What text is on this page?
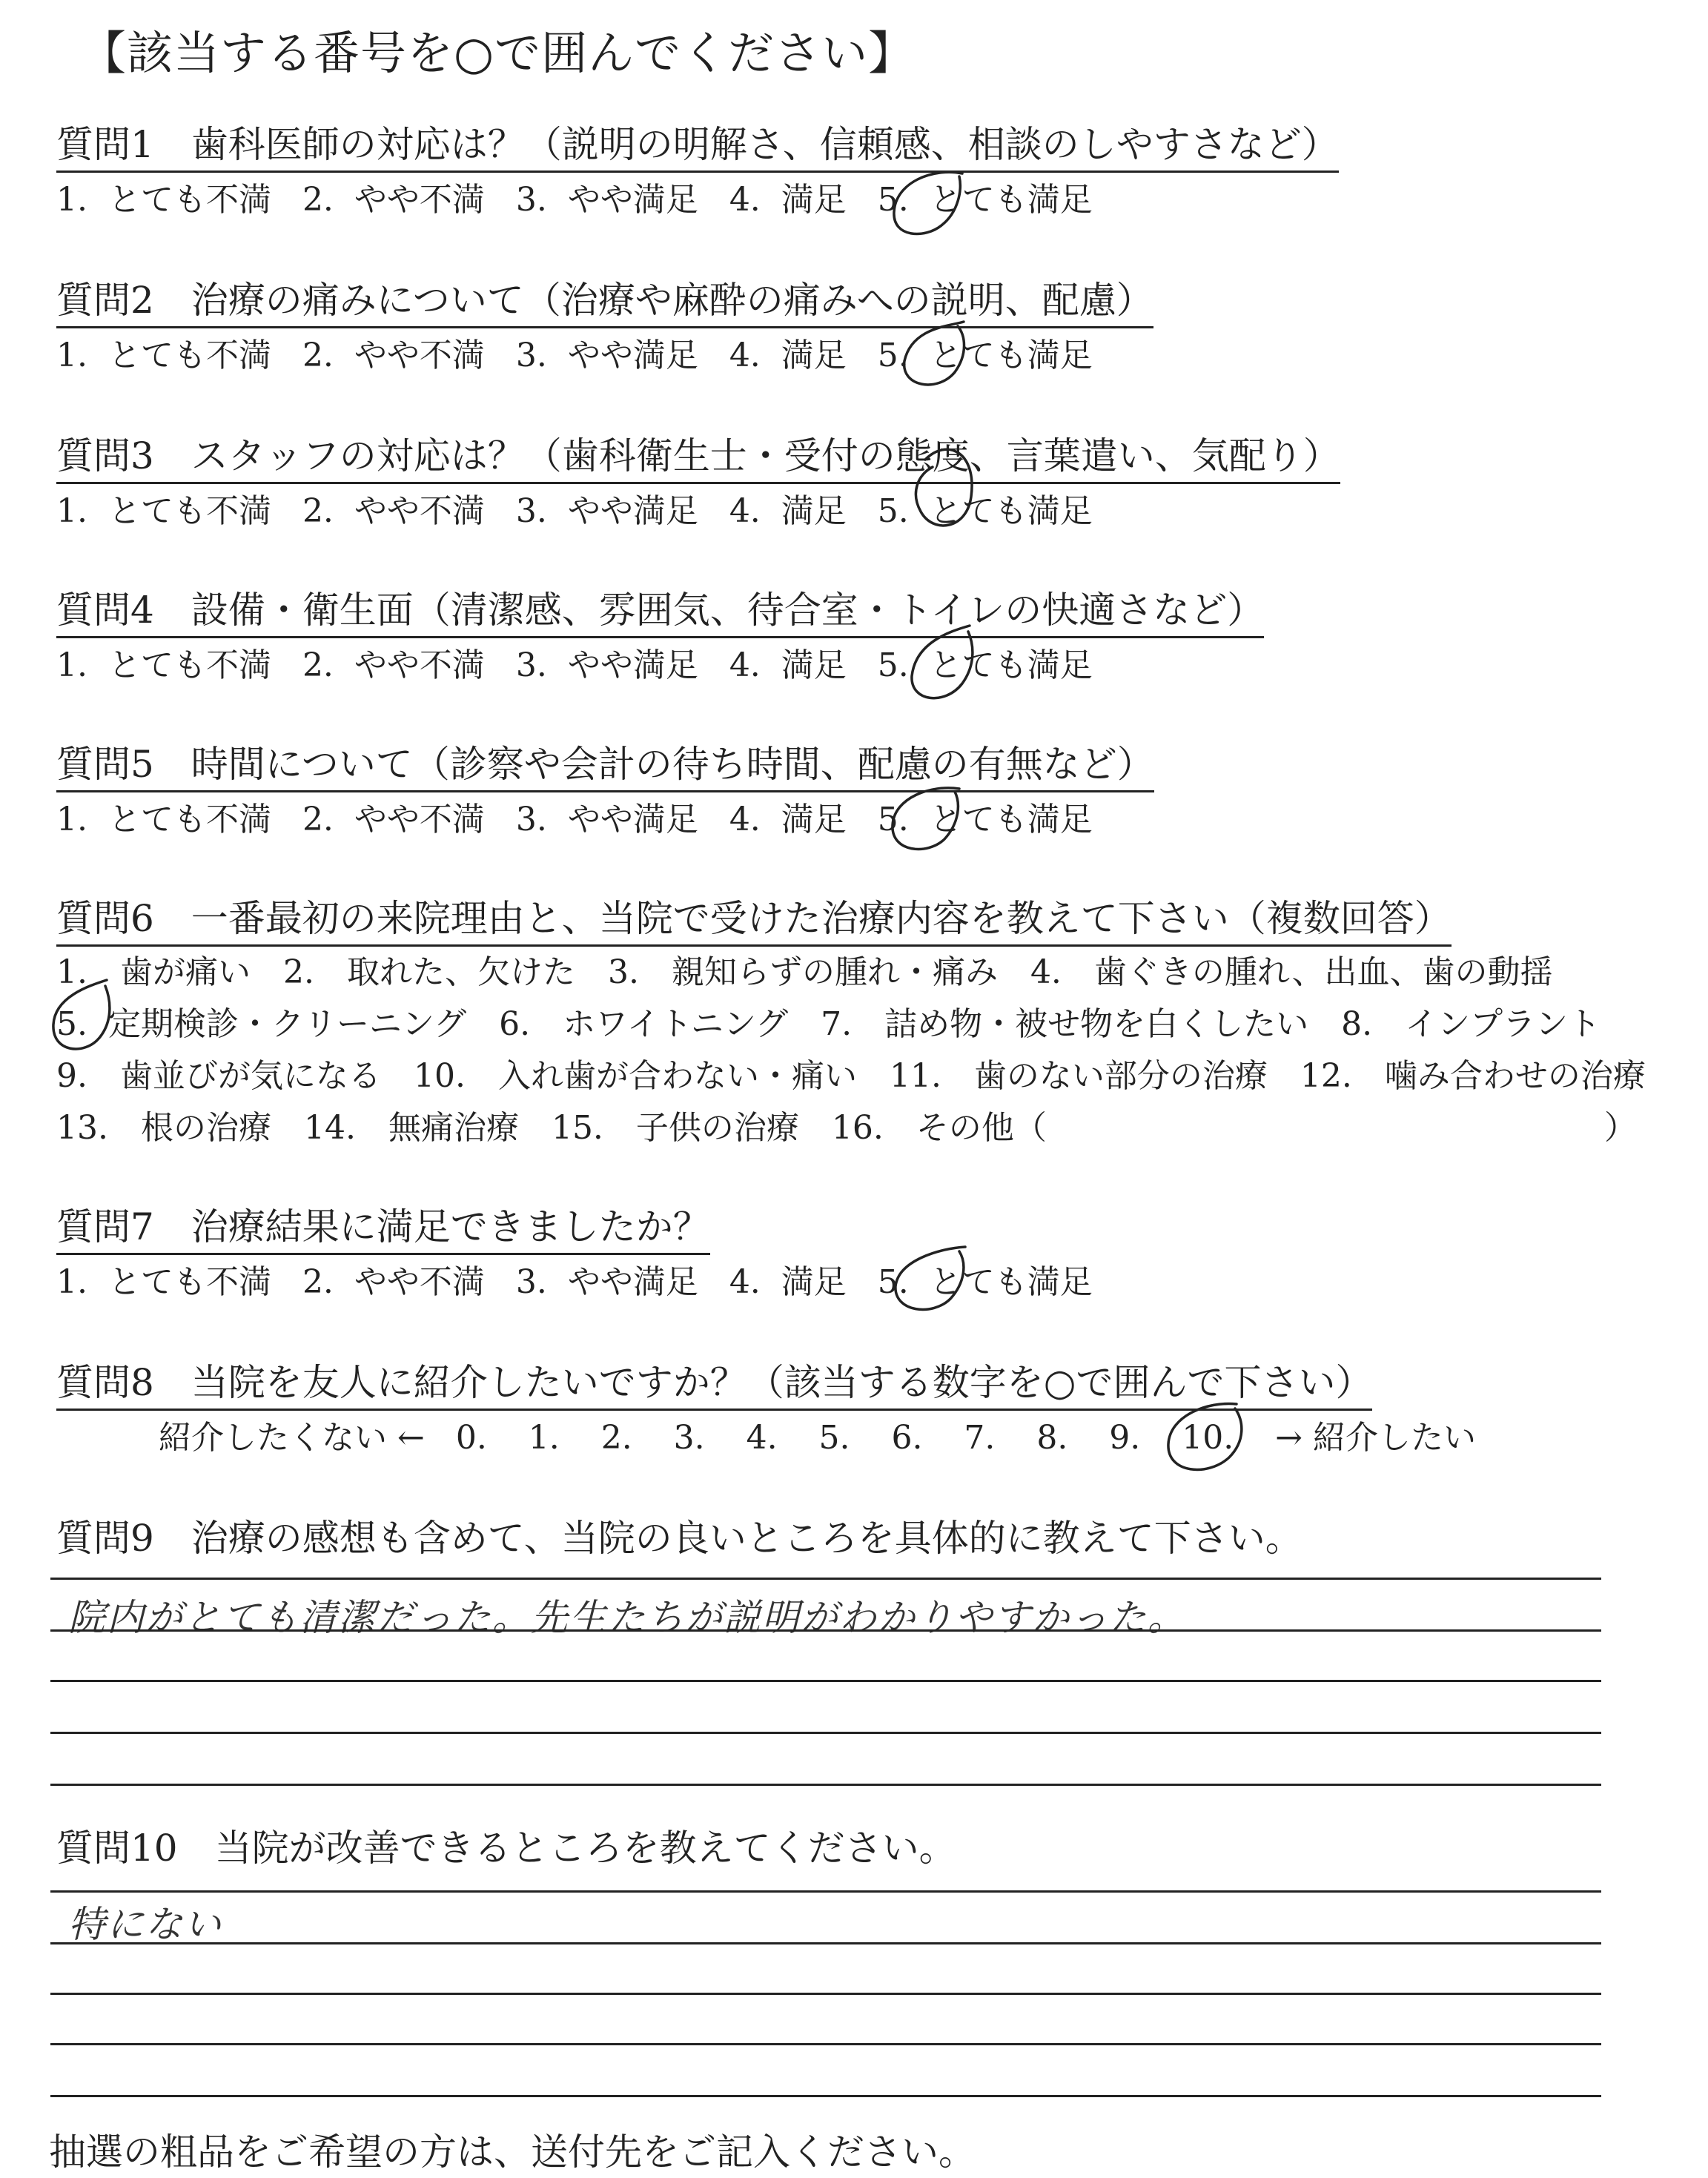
【該当する番号を○で囲んでください】
質問1　歯科医師の対応は？（説明の明解さ、信頼感、相談のしやすさなど）
1. とても不満 2. やや不満 3. やや満足 4. 満足 5. とても満足
質問2　治療の痛みについて（治療や麻酔の痛みへの説明、配慮）
1. とても不満 2. やや不満 3. やや満足 4. 満足 5. とても満足
質問3　スタッフの対応は？（歯科衛生士・受付の態度、言葉遣い、気配り）
1. とても不満 2. やや不満 3. やや満足 4. 満足 5. とても満足
質問4　設備・衛生面（清潔感、雰囲気、待合室・トイレの快適さなど）
1. とても不満 2. やや不満 3. やや満足 4. 満足 5. とても満足
質問5　時間について（診察や会計の待ち時間、配慮の有無など）
1. とても不満 2. やや不満 3. やや満足 4. 満足 5. とても満足
質問6　一番最初の来院理由と、当院で受けた治療内容を教えて下さい（複数回答）
1.　歯が痛い　2.　取れた、欠けた　3.　親知らずの腫れ・痛み　4.　歯ぐきの腫れ、出血、歯の動揺
5. 定期検診・クリーニング　6.　ホワイトニング　7.　詰め物・被せ物を白くしたい　8.　インプラント
9.　歯並びが気になる　10.　入れ歯が合わない・痛い　11.　歯のない部分の治療　12.　噛み合わせの治療
13.　根の治療　14.　無痛治療　15.　子供の治療　16.　その他（	）
質問7　治療結果に満足できましたか？
1. とても不満 2. やや不満 3. やや満足 4. 満足 5. とても満足
質問8　当院を友人に紹介したいですか？（該当する数字を○で囲んで下さい）
紹介したくない ← 0. 1. 2. 3. 4. 5. 6. 7. 8. 9. 10. → 紹介したい
質問9　治療の感想も含めて、当院の良いところを具体的に教えて下さい。
院内がとても清潔だった。先生たちが説明がわかりやすかった。
質問10　当院が改善できるところを教えてください。
特にない
抽選の粗品をご希望の方は、送付先をご記入ください。
